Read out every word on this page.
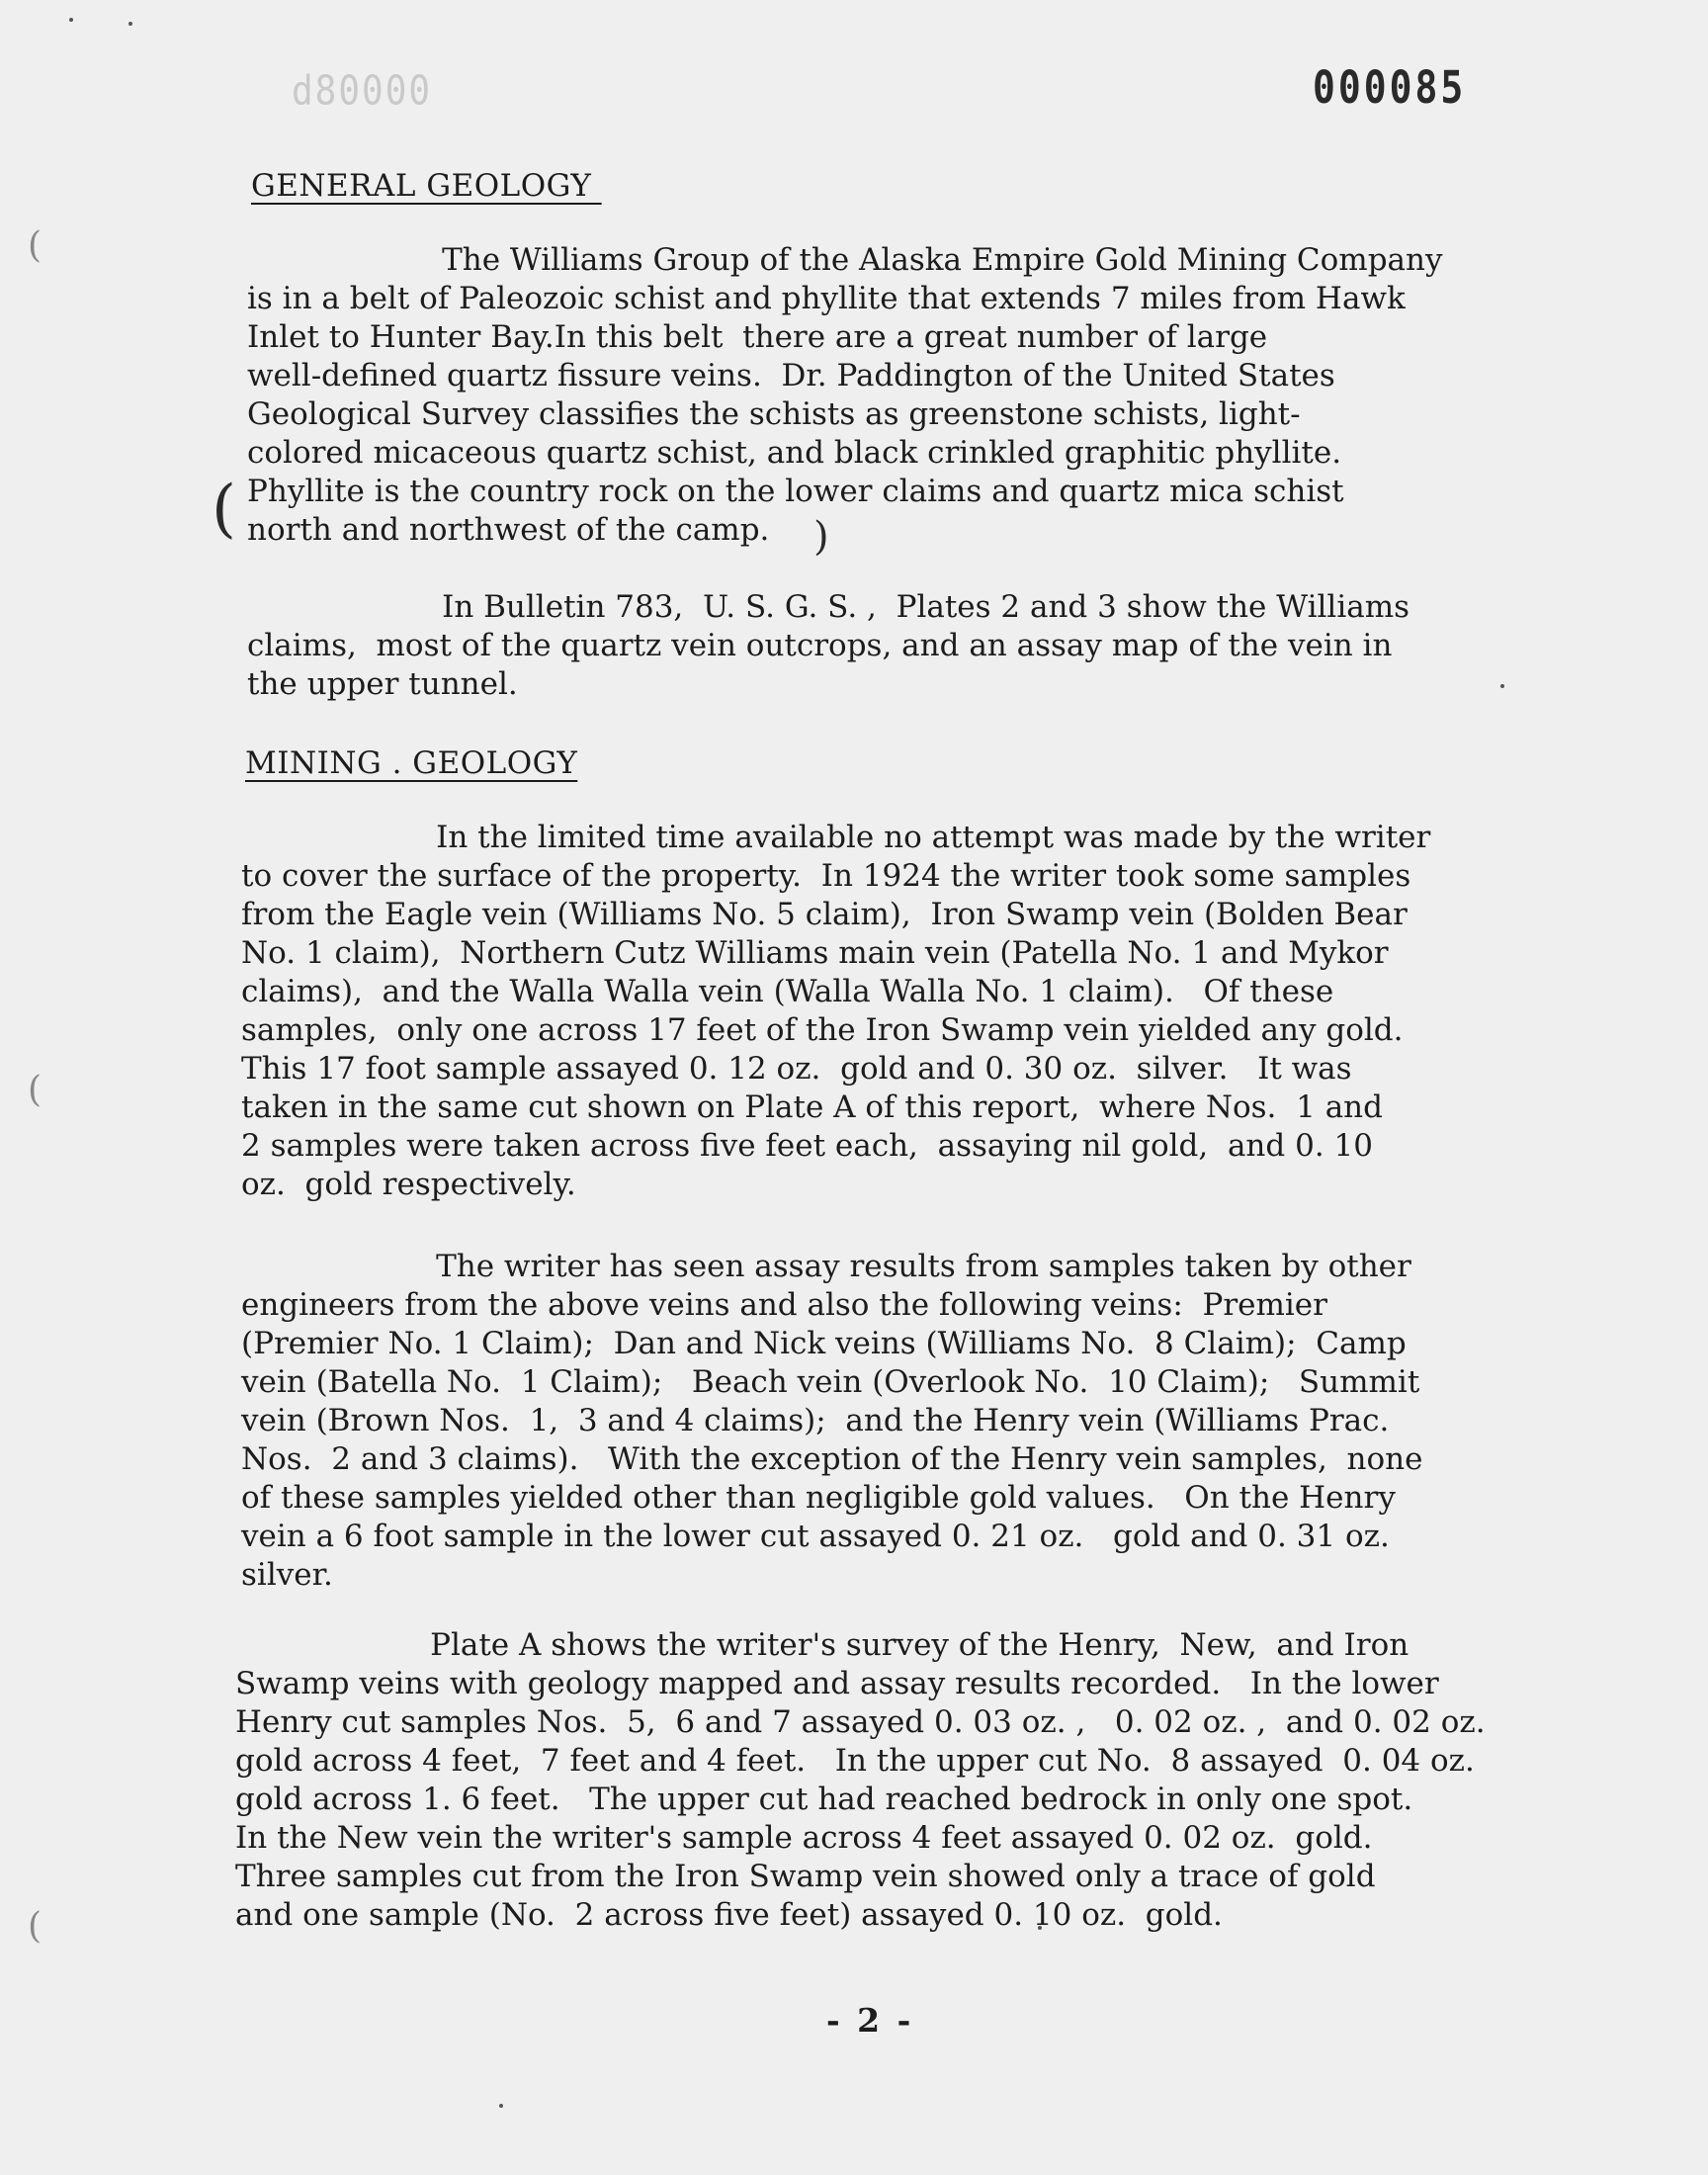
d80000	000085
(
(
(
GENERAL GEOLOGY
The Williams Group of the Alaska Empire Gold Mining Company
is in a belt of Paleozoic schist and phyllite that extends 7 miles from Hawk
Inlet to Hunter Bay.In this belt  there are a great number of large
well-defined quartz fissure veins.  Dr. Paddington of the United States
Geological Survey classifies the schists as greenstone schists, light-
colored micaceous quartz schist, and black crinkled graphitic phyllite.
Phyllite is the country rock on the lower claims and quartz mica schist
north and northwest of the camp.
(	)
In Bulletin 783,  U. S. G. S. ,  Plates 2 and 3 show the Williams
claims,  most of the quartz vein outcrops, and an assay map of the vein in
the upper tunnel.
MINING . GEOLOGY
In the limited time available no attempt was made by the writer
to cover the surface of the property.  In 1924 the writer took some samples
from the Eagle vein (Williams No. 5 claim),  Iron Swamp vein (Bolden Bear
No. 1 claim),  Northern Cutz Williams main vein (Patella No. 1 and Mykor
claims),  and the Walla Walla vein (Walla Walla No. 1 claim).   Of these
samples,  only one across 17 feet of the Iron Swamp vein yielded any gold.
This 17 foot sample assayed 0. 12 oz.  gold and 0. 30 oz.  silver.   It was
taken in the same cut shown on Plate A of this report,  where Nos.  1 and
2 samples were taken across five feet each,  assaying nil gold,  and 0. 10
oz.  gold respectively.
The writer has seen assay results from samples taken by other
engineers from the above veins and also the following veins:  Premier
(Premier No. 1 Claim);  Dan and Nick veins (Williams No.  8 Claim);  Camp
vein (Batella No.  1 Claim);   Beach vein (Overlook No.  10 Claim);   Summit
vein (Brown Nos.  1,  3 and 4 claims);  and the Henry vein (Williams Prac.
Nos.  2 and 3 claims).   With the exception of the Henry vein samples,  none
of these samples yielded other than negligible gold values.   On the Henry
vein a 6 foot sample in the lower cut assayed 0. 21 oz.   gold and 0. 31 oz.
silver.
Plate A shows the writer's survey of the Henry,  New,  and Iron
Swamp veins with geology mapped and assay results recorded.   In the lower
Henry cut samples Nos.  5,  6 and 7 assayed 0. 03 oz. ,   0. 02 oz. ,  and 0. 02 oz.
gold across 4 feet,  7 feet and 4 feet.   In the upper cut No.  8 assayed  0. 04 oz.
gold across 1. 6 feet.   The upper cut had reached bedrock in only one spot.
In the New vein the writer's sample across 4 feet assayed 0. 02 oz.  gold.
Three samples cut from the Iron Swamp vein showed only a trace of gold
and one sample (No.  2 across five feet) assayed 0. 10 oz.  gold.
- 2 -
